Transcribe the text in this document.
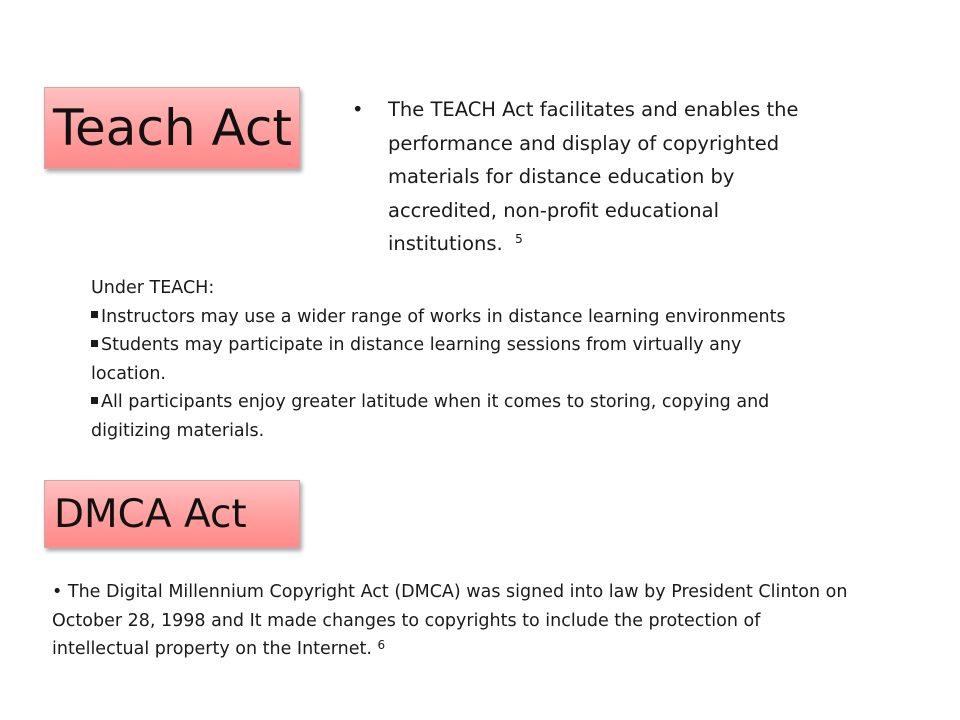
Teach Act	• The TEACH Act facilitates and enables the
performance and display of copyrighted
materials for distance education by
accredited, non-profit educational
institutions. $^5$
Under TEACH:
Instructors may use a wider range of works in distance learning environments
Students may participate in distance learning sessions from virtually any
location.
All participants enjoy greater latitude when it comes to storing, copying and
digitizing materials.
DMCA Act
• The Digital Millennium Copyright Act (DMCA) was signed into law by President Clinton on
October 28, 1998 and It made changes to copyrights to include the protection of
intellectual property on the Internet. $^6$
